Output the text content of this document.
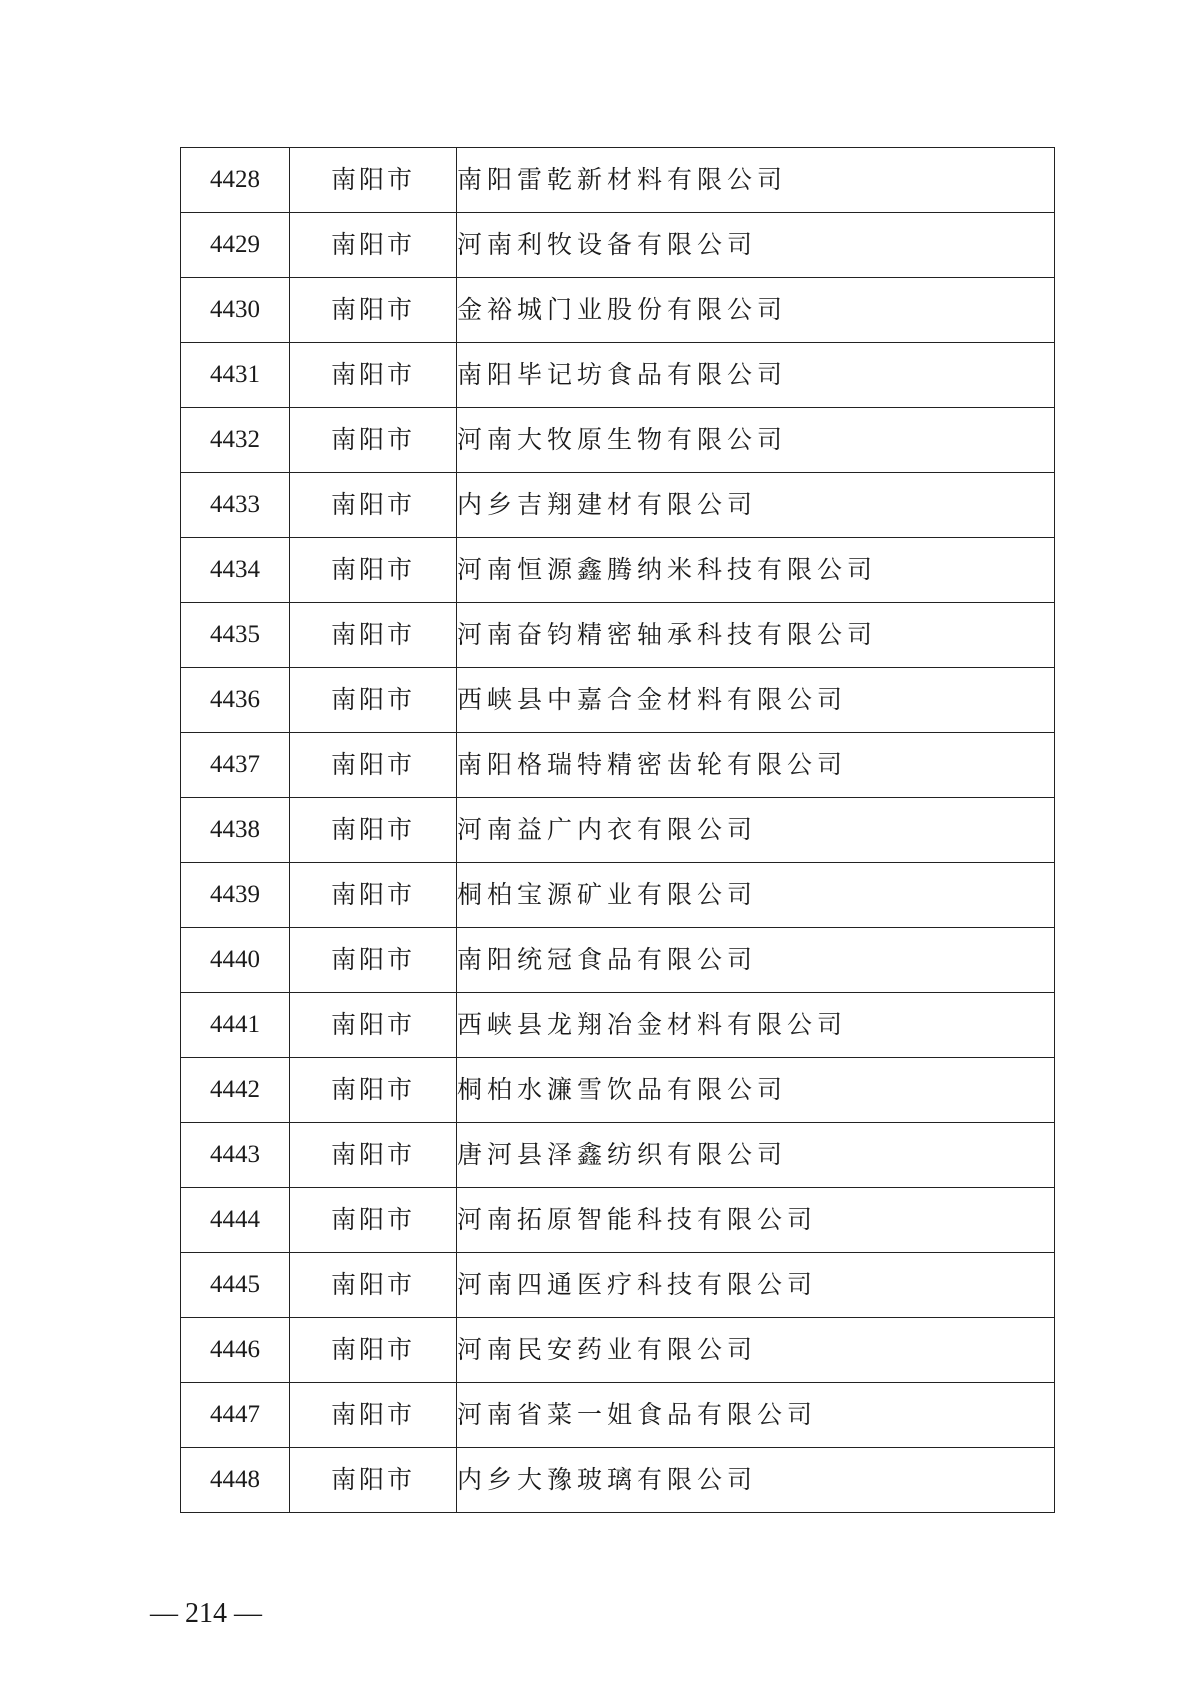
4428	南阳市	南阳雷乾新材料有限公司
4429	南阳市	河南利牧设备有限公司
4430	南阳市	金裕城门业股份有限公司
4431	南阳市	南阳毕记坊食品有限公司
4432	南阳市	河南大牧原生物有限公司
4433	南阳市	内乡吉翔建材有限公司
4434	南阳市	河南恒源鑫腾纳米科技有限公司
4435	南阳市	河南奋钧精密轴承科技有限公司
4436	南阳市	西峡县中嘉合金材料有限公司
4437	南阳市	南阳格瑞特精密齿轮有限公司
4438	南阳市	河南益广内衣有限公司
4439	南阳市	桐柏宝源矿业有限公司
4440	南阳市	南阳统冠食品有限公司
4441	南阳市	西峡县龙翔冶金材料有限公司
4442	南阳市	桐柏水濂雪饮品有限公司
4443	南阳市	唐河县泽鑫纺织有限公司
4444	南阳市	河南拓原智能科技有限公司
4445	南阳市	河南四通医疗科技有限公司
4446	南阳市	河南民安药业有限公司
4447	南阳市	河南省菜一姐食品有限公司
4448	南阳市	内乡大豫玻璃有限公司
— 214 —
